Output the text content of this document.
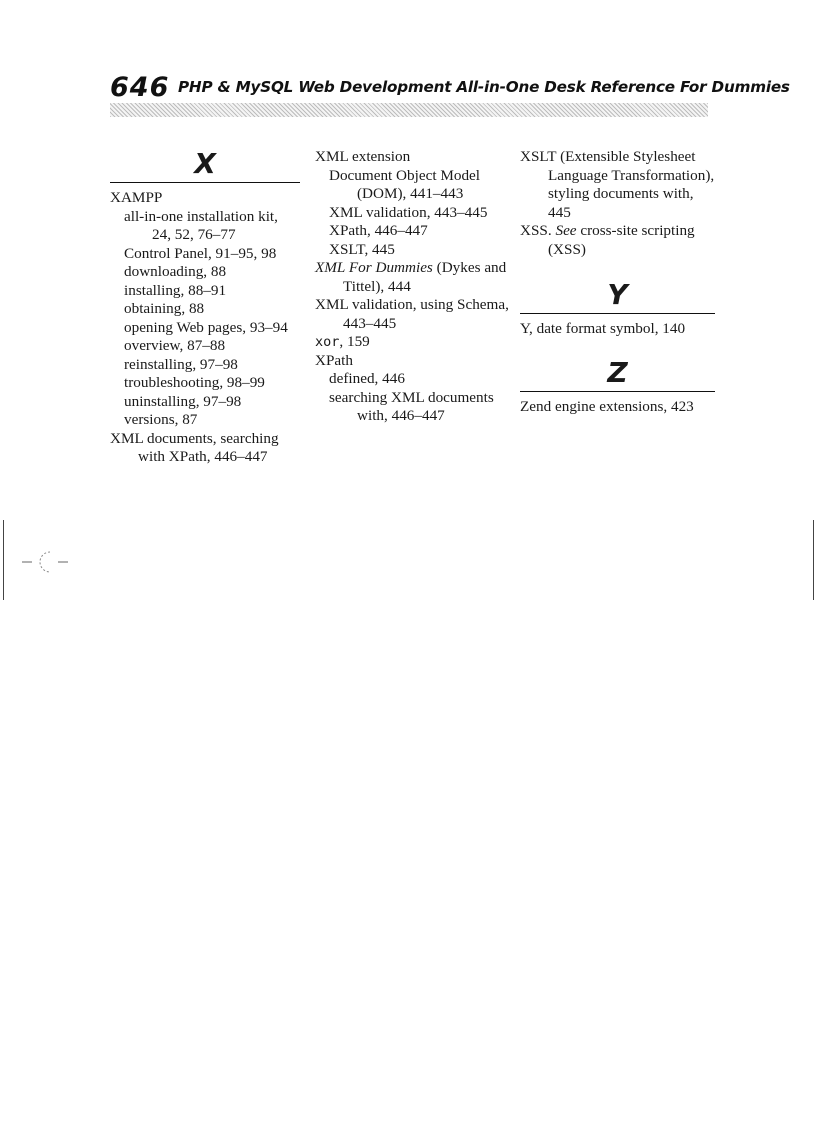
646 PHP & MySQL Web Development All-in-One Desk Reference For Dummies
X
XAMPP
all-in-one installation kit, 24, 52, 76–77
Control Panel, 91–95, 98
downloading, 88
installing, 88–91
obtaining, 88
opening Web pages, 93–94
overview, 87–88
reinstalling, 97–98
troubleshooting, 98–99
uninstalling, 97–98
versions, 87
XML documents, searching with XPath, 446–447
XML extension
Document Object Model (DOM), 441–443
XML validation, 443–445
XPath, 446–447
XSLT, 445
XML For Dummies (Dykes and Tittel), 444
XML validation, using Schema, 443–445
xor, 159
XPath
defined, 446
searching XML documents with, 446–447
XSLT (Extensible Stylesheet Language Transformation), styling documents with, 445
XSS. See cross-site scripting (XSS)
Y
Y, date format symbol, 140
Z
Zend engine extensions, 423
